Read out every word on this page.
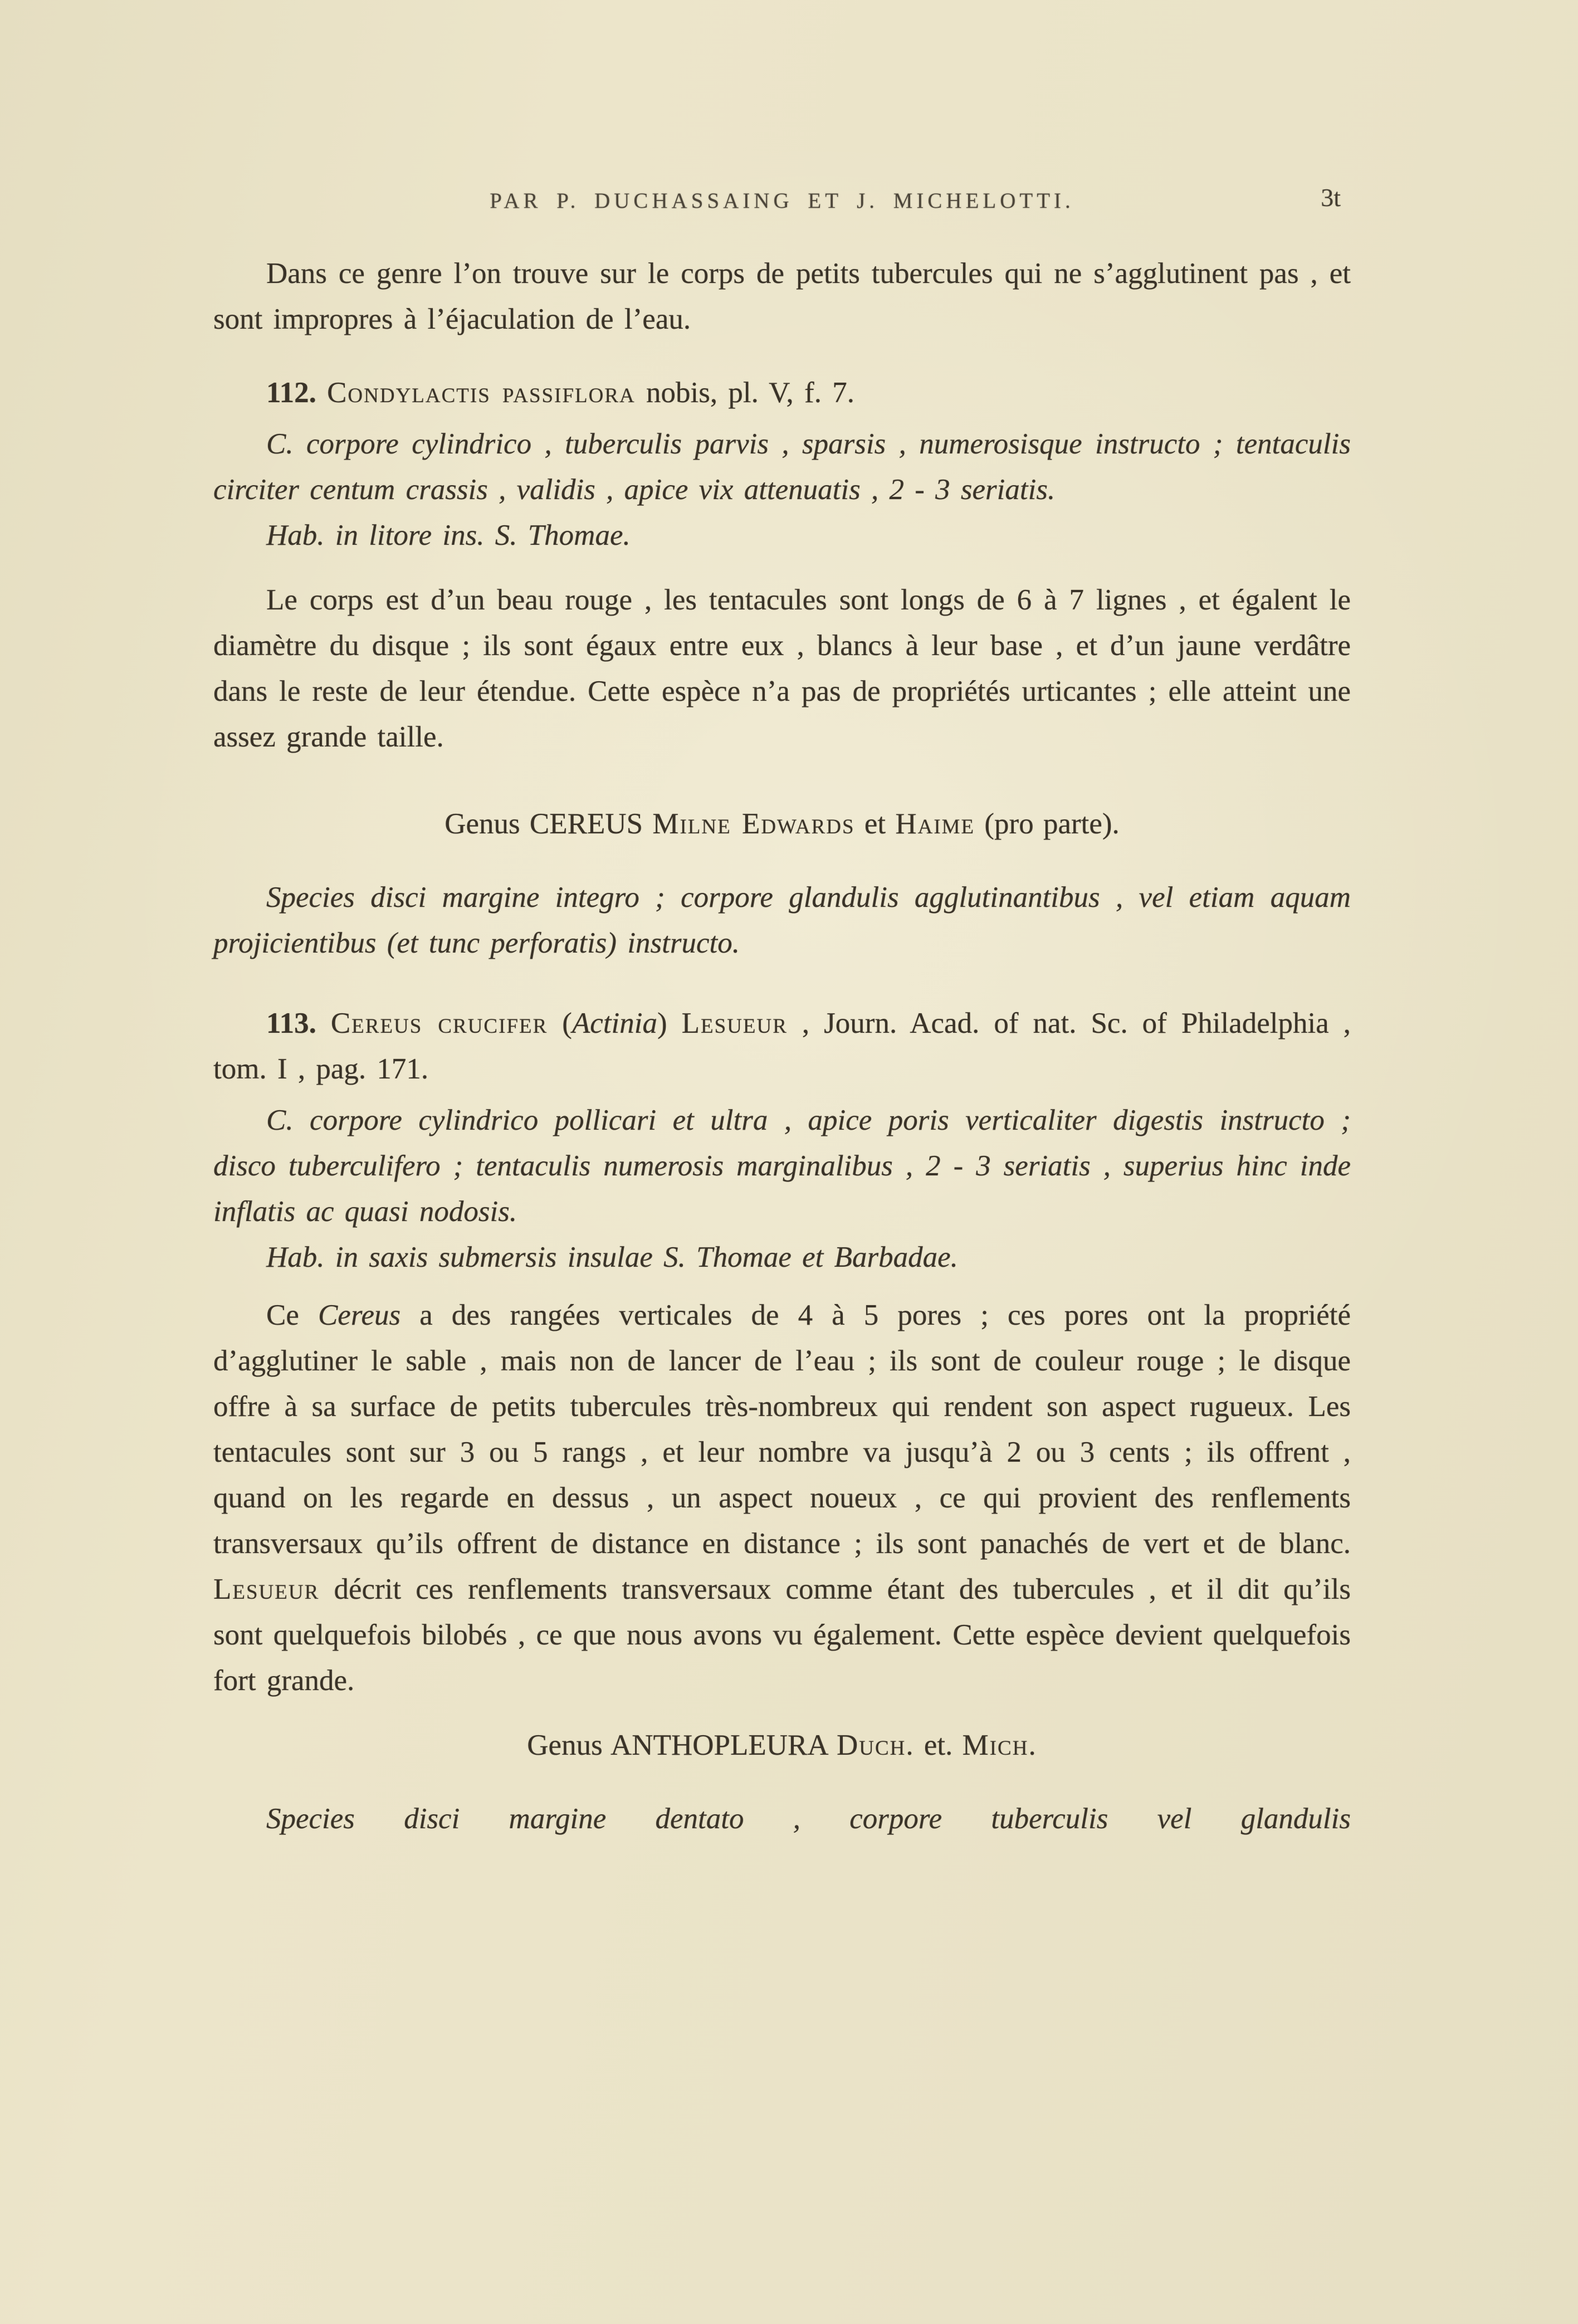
PAR P. DUCHASSAING ET J. MICHELOTTI.	3t

Dans ce genre l’on trouve sur le corps de petits tubercules qui ne s’agglutinent pas , et sont impropres à l’éjaculation de l’eau.

112. Condylactis passiflora nobis, pl. V, f. 7.

C. corpore cylindrico , tuberculis parvis , sparsis , numerosisque instructo ; tentaculis circiter centum crassis , validis , apice vix attenuatis , 2 - 3 seriatis.

Hab. in litore ins. S. Thomae.

Le corps est d’un beau rouge , les tentacules sont longs de 6 à 7 lignes , et égalent le diamètre du disque ; ils sont égaux entre eux , blancs à leur base , et d’un jaune verdâtre dans le reste de leur étendue. Cette espèce n’a pas de propriétés urticantes ; elle atteint une assez grande taille.

Genus CEREUS Milne Edwards et Haime (pro parte).

Species disci margine integro ; corpore glandulis agglutinantibus , vel etiam aquam projicientibus (et tunc perforatis) instructo.

113. Cereus crucifer (Actinia) Lesueur , Journ. Acad. of nat. Sc. of Philadelphia , tom. I , pag. 171.

C. corpore cylindrico pollicari et ultra , apice poris verticaliter digestis instructo ; disco tuberculifero ; tentaculis numerosis marginalibus , 2 - 3 seriatis , superius hinc inde inflatis ac quasi nodosis.

Hab. in saxis submersis insulae S. Thomae et Barbadae.

Ce Cereus a des rangées verticales de 4 à 5 pores ; ces pores ont la propriété d’agglutiner le sable , mais non de lancer de l’eau ; ils sont de couleur rouge ; le disque offre à sa surface de petits tubercules très-nombreux qui rendent son aspect rugueux. Les tentacules sont sur 3 ou 5 rangs , et leur nombre va jusqu’à 2 ou 3 cents ; ils offrent , quand on les regarde en dessus , un aspect noueux , ce qui provient des renflements transversaux qu’ils offrent de distance en distance ; ils sont panachés de vert et de blanc. Lesueur décrit ces renflements transversaux comme étant des tubercules , et il dit qu’ils sont quelquefois bilobés , ce que nous avons vu également. Cette espèce devient quelquefois fort grande.

Genus ANTHOPLEURA Duch. et. Mich.

Species disci margine dentato , corpore tuberculis vel glandulis
